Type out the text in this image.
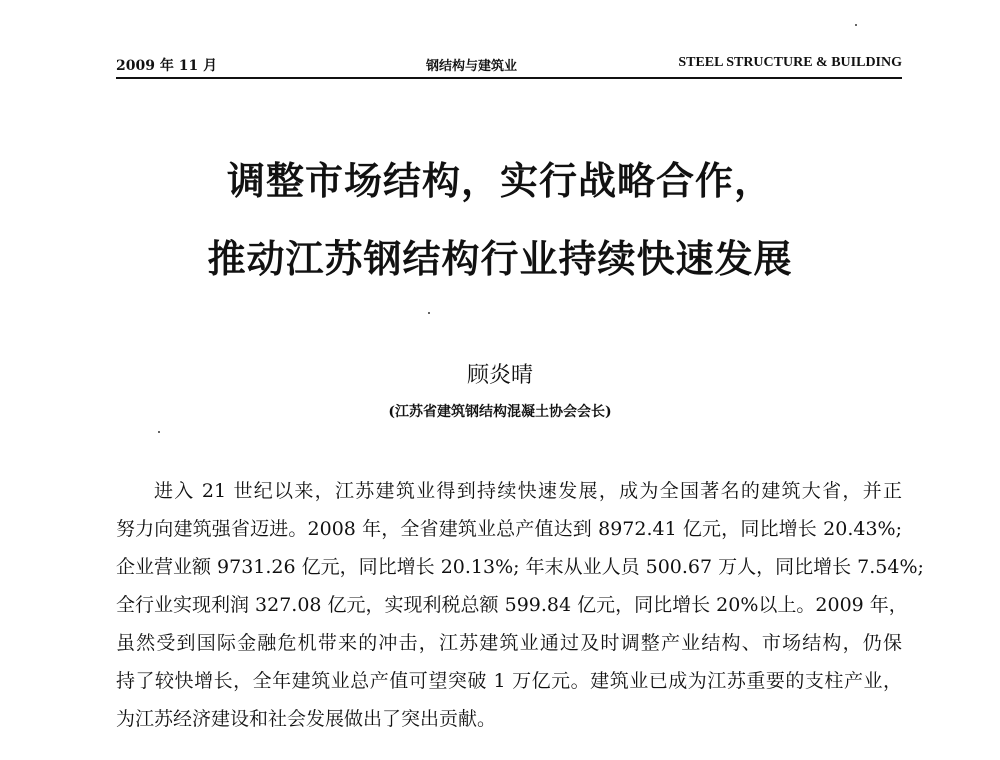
2009 年 11 月	钢结构与建筑业	STEEL STRUCTURE & BUILDING
调整市场结构，实行战略合作，
推动江苏钢结构行业持续快速发展
顾炎晴
(江苏省建筑钢结构混凝土协会会长)
进入 21 世纪以来，江苏建筑业得到持续快速发展，成为全国著名的建筑大省，并正
努力向建筑强省迈进。2008 年，全省建筑业总产值达到 8972.41 亿元，同比增长 20.43%;
企业营业额 9731.26 亿元，同比增长 20.13%; 年末从业人员 500.67 万人，同比增长 7.54%;
全行业实现利润 327.08 亿元，实现利税总额 599.84 亿元，同比增长 20%以上。2009 年，
虽然受到国际金融危机带来的冲击，江苏建筑业通过及时调整产业结构、市场结构，仍保
持了较快增长，全年建筑业总产值可望突破 1 万亿元。建筑业已成为江苏重要的支柱产业，
为江苏经济建设和社会发展做出了突出贡献。
